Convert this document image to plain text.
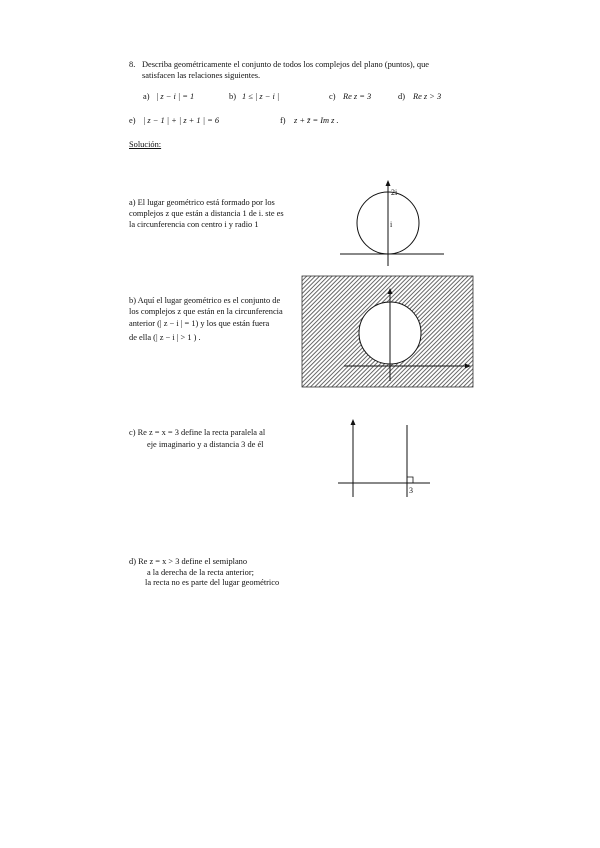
8. Describa geométricamente el conjunto de todos los complejos del plano (puntos), que
satisfacen las relaciones siguientes.
a) | z − i | = 1	b) 1 ≤ | z − i |	c) Re z = 3	d) Re z > 3
e) | z − 1 | + | z + 1 | = 6	f) z + z̄ = Im z .
Solución:
a) El lugar geométrico está formado por los
complejos z que están a distancia 1 de i. ste es
la circunferencia con centro i y radio 1
2i
i
b) Aquí el lugar geométrico es el conjunto de
los complejos z que están en la circunferencia
anterior (| z − i | = 1) y los que están fuera
de ella (| z − i | > 1 ) .
c) Re z = x = 3 define la recta paralela al
eje imaginario y a distancia 3 de él
3
d) Re z = x > 3 define el semiplano
a la derecha de la recta anterior;
la recta no es parte del lugar geométrico
